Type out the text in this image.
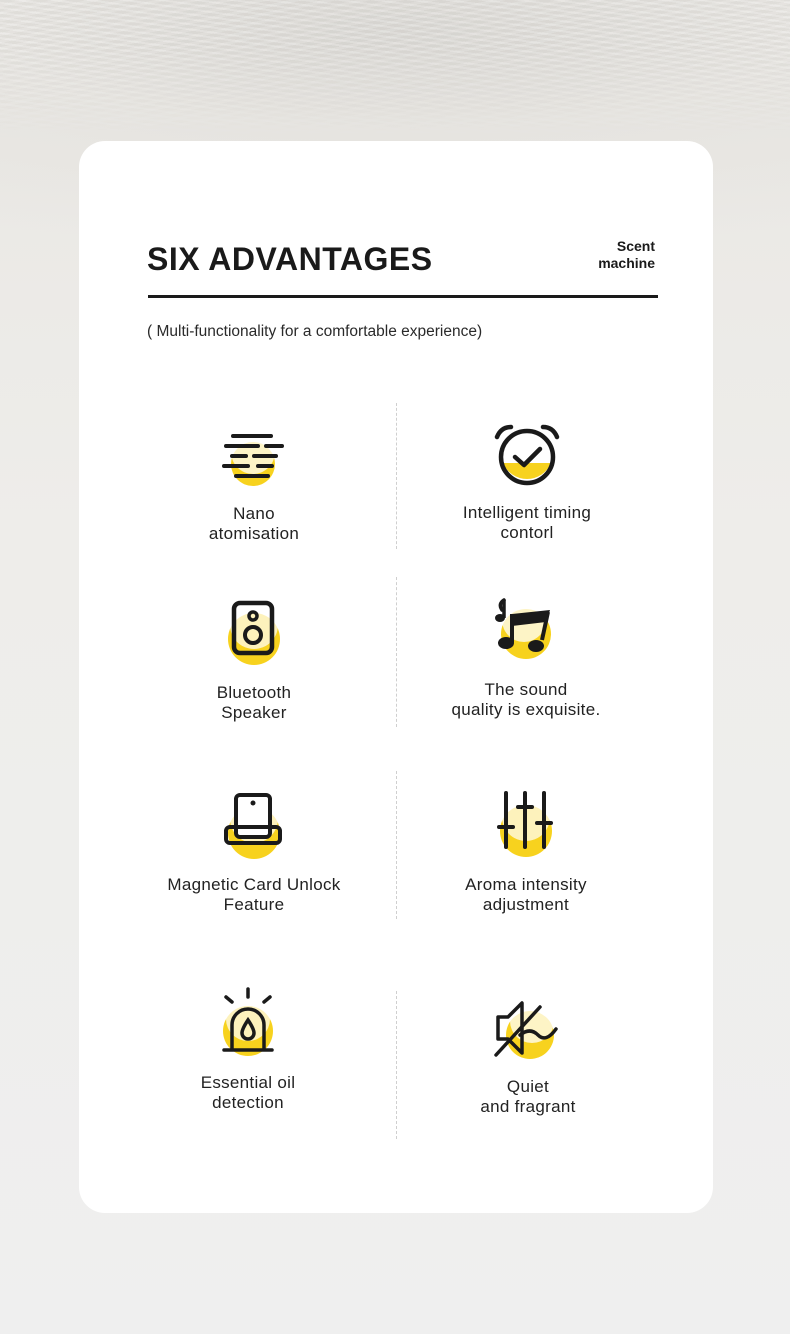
SIX ADVANTAGES	Scent
machine
( Multi-functionality for a comfortable experience)
Nano
atomisation
Intelligent timing
contorl
Bluetooth
Speaker
The sound
quality is exquisite.
Magnetic Card Unlock
Feature
Aroma intensity
adjustment
Essential oil
detection
Quiet
and fragrant
